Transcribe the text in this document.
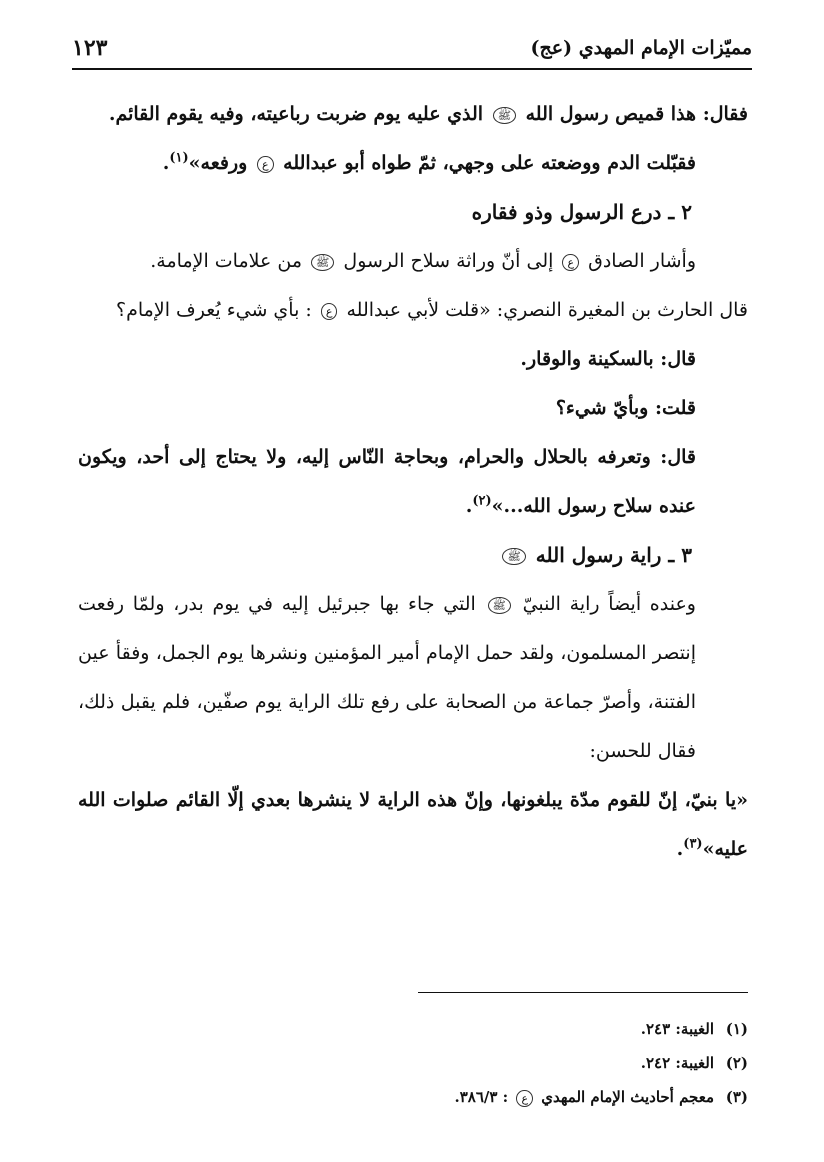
مميّزات الإمام المهدي (عج)
١٢٣

فقال: هذا قميص رسول الله ﷺ الذي عليه يوم ضربت رباعيته، وفيه يقوم القائم.

فقبّلت الدم ووضعته على وجهي، ثمّ طواه أبو عبدالله ع ورفعه»$^{(١)}$.

٢ ـ درع الرسول وذو فقاره

وأشار الصادق ع إلى أنّ وراثة سلاح الرسول ﷺ من علامات الإمامة.

قال الحارث بن المغيرة النصري: «قلت لأبي عبدالله ع : بأي شيء يُعرف الإمام؟

قال: بالسكينة والوقار.

قلت: وبأيّ شيء؟

قال: وتعرفه بالحلال والحرام، وبحاجة النّاس إليه، ولا يحتاج إلى أحد، ويكون عنده سلاح رسول الله...»$^{(٢)}$.

٣ ـ راية رسول الله ﷺ

وعنده أيضاً راية النبيّ ﷺ التي جاء بها جبرئيل إليه في يوم بدر، ولمّا رفعت إنتصر المسلمون، ولقد حمل الإمام أمير المؤمنين ونشرها يوم الجمل، وفقأ عين الفتنة، وأصرّ جماعة من الصحابة على رفع تلك الراية يوم صفّين، فلم يقبل ذلك، فقال للحسن:

«يا بنيّ، إنّ للقوم مدّة يبلغونها، وإنّ هذه الراية لا ينشرها بعدي إلّا القائم صلوات الله عليه»$^{(٣)}$.

(١)
الغيبة: ٢٤٣.
(٢)
الغيبة: ٢٤٢.
(٣)
معجم أحاديث الإمام المهدي ع : ٣٨٦/٣.
